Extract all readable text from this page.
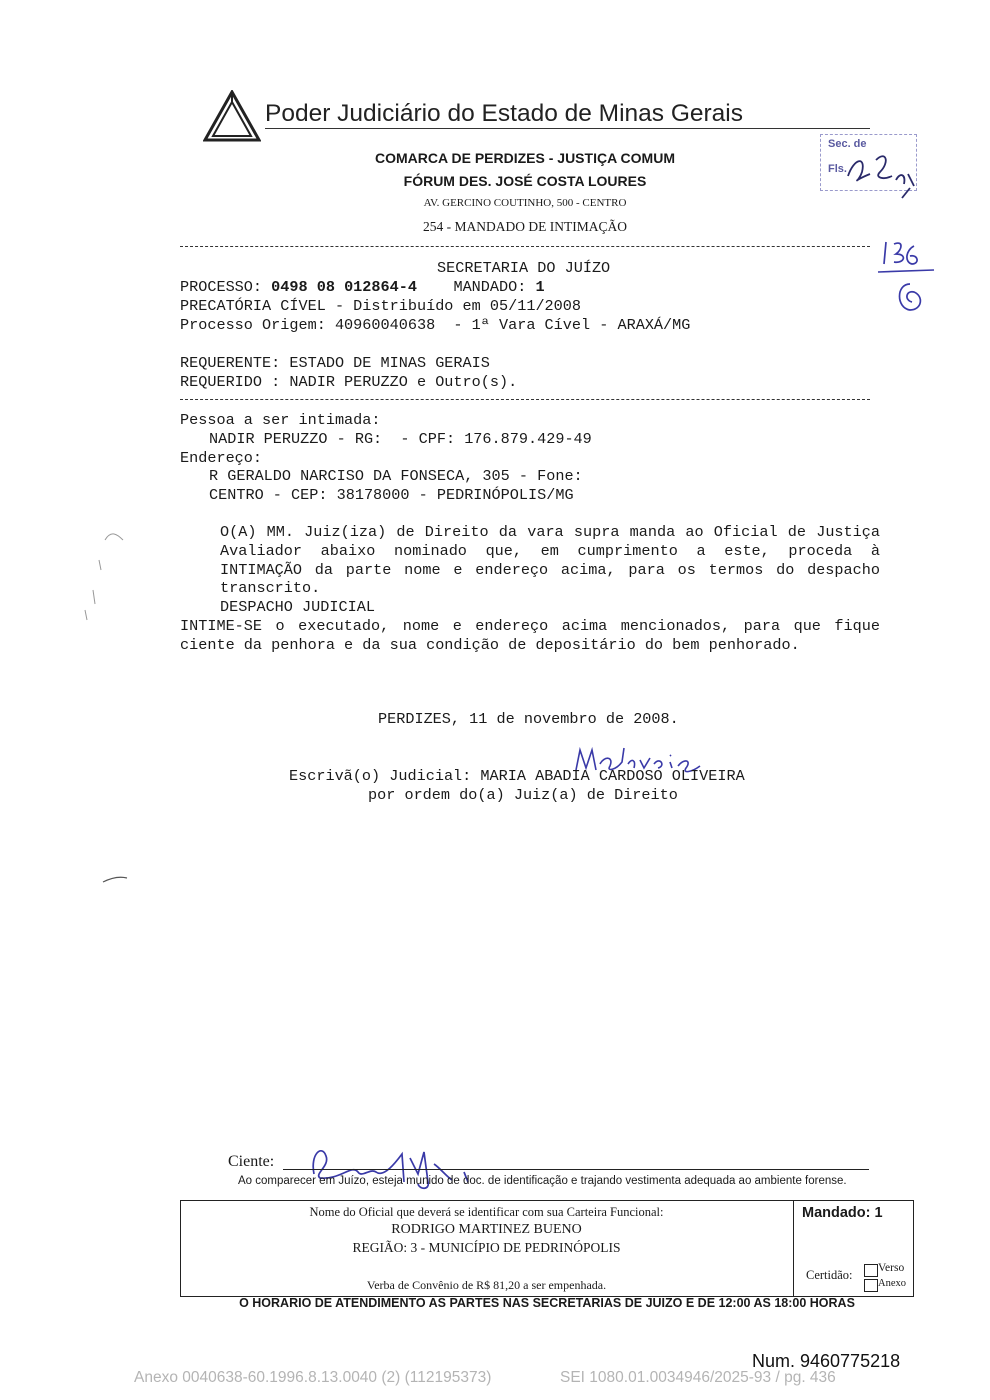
Poder Judiciário do Estado de Minas Gerais
COMARCA DE PERDIZES - JUSTIÇA COMUM
FÓRUM DES. JOSÉ COSTA LOURES
AV. GERCINO COUTINHO, 500 - CENTRO
254 - MANDADO DE INTIMAÇÃO
Sec. de
Fls.
SECRETARIA DO JUÍZO
PROCESSO: 0498 08 012864-4 MANDADO: 1
PRECATÓRIA CÍVEL - Distribuído em 05/11/2008
Processo Origem: 40960040638  - 1ª Vara Cível - ARAXÁ/MG
REQUERENTE: ESTADO DE MINAS GERAIS
REQUERIDO : NADIR PERUZZO e Outro(s).
Pessoa a ser intimada:
NADIR PERUZZO - RG:  - CPF: 176.879.429-49
Endereço:
R GERALDO NARCISO DA FONSECA, 305 - Fone:
CENTRO - CEP: 38178000 - PEDRINÓPOLIS/MG

O(A) MM. Juiz(iza) de Direito da vara supra manda ao Oficial de Justiça Avaliador abaixo nominado que, em cumprimento a este, proceda à INTIMAÇÃO da parte nome e endereço acima, para os termos do despacho transcrito.

DESPACHO JUDICIAL

INTIME-SE o executado, nome e endereço acima mencionados, para que fique ciente da penhora e da sua condição de depositário do bem penhorado.

PERDIZES, 11 de novembro de 2008.
Escrivã(o) Judicial: MARIA ABADIA CARDOSO OLIVEIRA
por ordem do(a) Juiz(a) de Direito
Ciente:
Ao comparecer em Juízo, esteja munido de doc. de identificação e trajando vestimenta adequada ao ambiente forense.
Nome do Oficial que deverá se identificar com sua Carteira Funcional:
RODRIGO MARTINEZ BUENO
REGIÃO: 3 - MUNICÍPIO DE PEDRINÓPOLIS
Verba de Convênio de R$ 81,20 a ser empenhada.
Mandado: 1
Certidão: Verso
Anexo
O HORARIO DE ATENDIMENTO AS PARTES NAS SECRETARIAS DE JUIZO E DE 12:00 AS 18:00 HORAS
Num. 9460775218
Anexo 0040638-60.1996.8.13.0040 (2) (112195373)	SEI 1080.01.0034946/2025-93 / pg. 436
